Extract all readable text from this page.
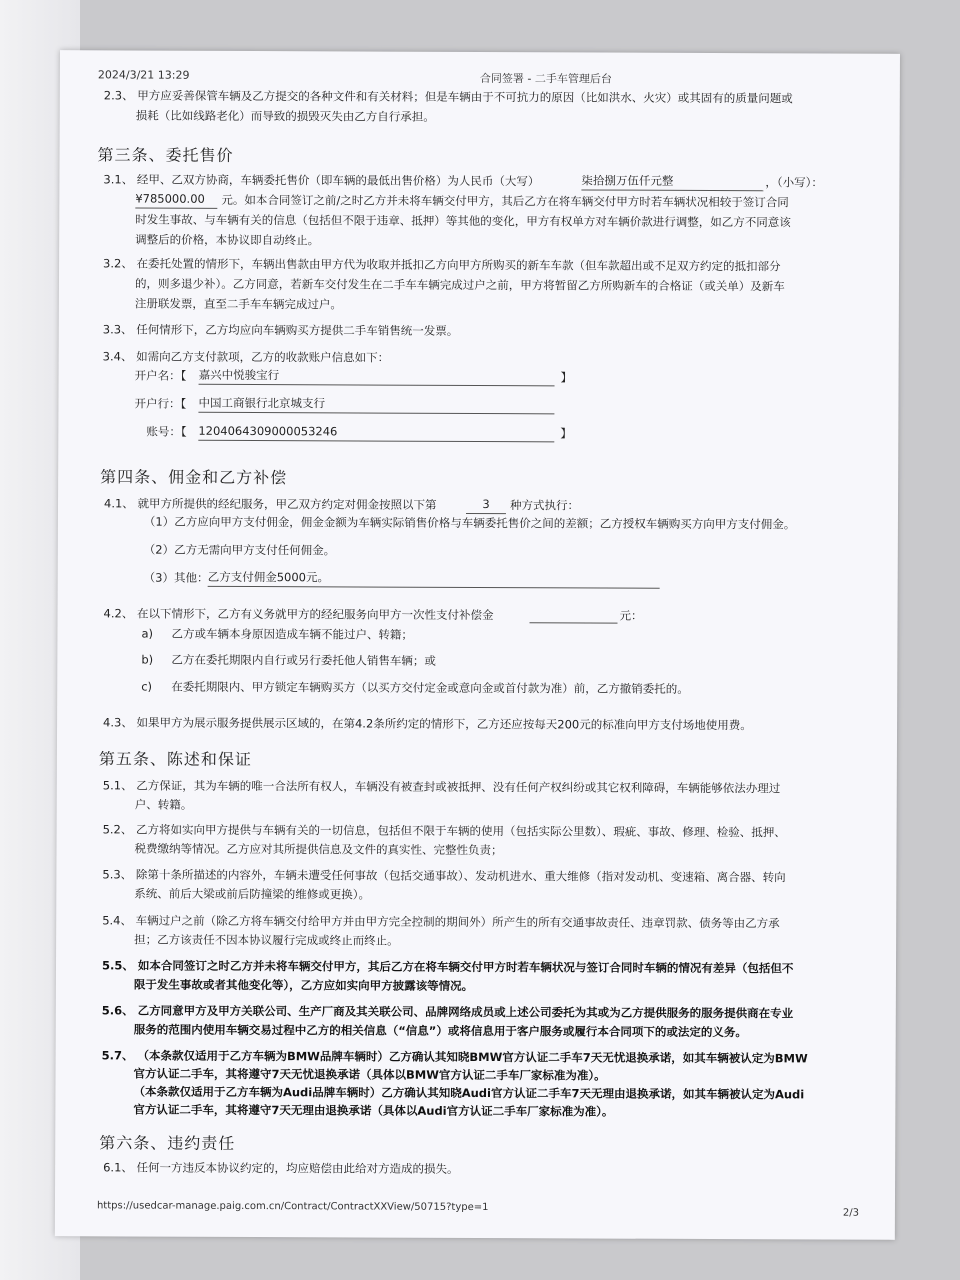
2024/3/21 13:29	合同签署 - 二手车管理后台
2.3、 甲方应妥善保管车辆及乙方提交的各种文件和有关材料；但是车辆由于不可抗力的原因（比如洪水、火灾）或其固有的质量问题或
损耗（比如线路老化）而导致的损毁灭失由乙方自行承担。
第三条、委托售价
3.1、 经甲、乙双方协商，车辆委托售价（即车辆的最低出售价格）为人民币（大写）	柒拾捌万伍仟元整	，（小写）：
¥785000.00	元。如本合同签订之前/之时乙方并未将车辆交付甲方，其后乙方在将车辆交付甲方时若车辆状况相较于签订合同
时发生事故、与车辆有关的信息（包括但不限于违章、抵押）等其他的变化，甲方有权单方对车辆价款进行调整，如乙方不同意该
调整后的价格，本协议即自动终止。
3.2、 在委托处置的情形下，车辆出售款由甲方代为收取并抵扣乙方向甲方所购买的新车车款（但车款超出或不足双方约定的抵扣部分
的，则多退少补）。乙方同意，若新车交付发生在二手车车辆完成过户之前，甲方将暂留乙方所购新车的合格证（或关单）及新车
注册联发票，直至二手车车辆完成过户。
3.3、 任何情形下，乙方均应向车辆购买方提供二手车销售统一发票。
3.4、 如需向乙方支付款项，乙方的收款账户信息如下：
开户名：【 嘉兴中悦骏宝行	】
开户行：【 中国工商银行北京城支行
账号：【 1204064309000053246	】
第四条、佣金和乙方补偿
4.1、 就甲方所提供的经纪服务，甲乙双方约定对佣金按照以下第	3	种方式执行：
（1）乙方应向甲方支付佣金，佣金金额为车辆实际销售价格与车辆委托售价之间的差额；乙方授权车辆购买方向甲方支付佣金。
（2）乙方无需向甲方支付任何佣金。
（3）其他： 乙方支付佣金5000元。
4.2、 在以下情形下，乙方有义务就甲方的经纪服务向甲方一次性支付补偿金	元：
a) 乙方或车辆本身原因造成车辆不能过户、转籍；
b) 乙方在委托期限内自行或另行委托他人销售车辆；或
c) 在委托期限内、甲方锁定车辆购买方（以买方交付定金或意向金或首付款为准）前，乙方撤销委托的。
4.3、 如果甲方为展示服务提供展示区域的，在第4.2条所约定的情形下，乙方还应按每天200元的标准向甲方支付场地使用费。
第五条、陈述和保证
5.1、 乙方保证，其为车辆的唯一合法所有权人，车辆没有被查封或被抵押、没有任何产权纠纷或其它权利障碍，车辆能够依法办理过
户、转籍。
5.2、 乙方将如实向甲方提供与车辆有关的一切信息，包括但不限于车辆的使用（包括实际公里数）、瑕疵、事故、修理、检验、抵押、
税费缴纳等情况。乙方应对其所提供信息及文件的真实性、完整性负责；
5.3、 除第十条所描述的内容外，车辆未遭受任何事故（包括交通事故）、发动机进水、重大维修（指对发动机、变速箱、离合器、转向
系统、前后大梁或前后防撞梁的维修或更换）。
5.4、 车辆过户之前（除乙方将车辆交付给甲方并由甲方完全控制的期间外）所产生的所有交通事故责任、违章罚款、债务等由乙方承
担；乙方该责任不因本协议履行完成或终止而终止。
5.5、 如本合同签订之时乙方并未将车辆交付甲方，其后乙方在将车辆交付甲方时若车辆状况与签订合同时车辆的情况有差异（包括但不
限于发生事故或者其他变化等），乙方应如实向甲方披露该等情况。
5.6、 乙方同意甲方及甲方关联公司、生产厂商及其关联公司、品牌网络成员或上述公司委托为其或为乙方提供服务的服务提供商在专业
服务的范围内使用车辆交易过程中乙方的相关信息（“信息”）或将信息用于客户服务或履行本合同项下的或法定的义务。
5.7、 （本条款仅适用于乙方车辆为BMW品牌车辆时）乙方确认其知晓BMW官方认证二手车7天无忧退换承诺，如其车辆被认定为BMW
官方认证二手车，其将遵守7天无忧退换承诺（具体以BMW官方认证二手车厂家标准为准）。
（本条款仅适用于乙方车辆为Audi品牌车辆时）乙方确认其知晓Audi官方认证二手车7天无理由退换承诺，如其车辆被认定为Audi
官方认证二手车，其将遵守7天无理由退换承诺（具体以Audi官方认证二手车厂家标准为准）。
第六条、违约责任
6.1、 任何一方违反本协议约定的，均应赔偿由此给对方造成的损失。
https://usedcar-manage.paig.com.cn/Contract/ContractXXView/50715?type=1
2/3
